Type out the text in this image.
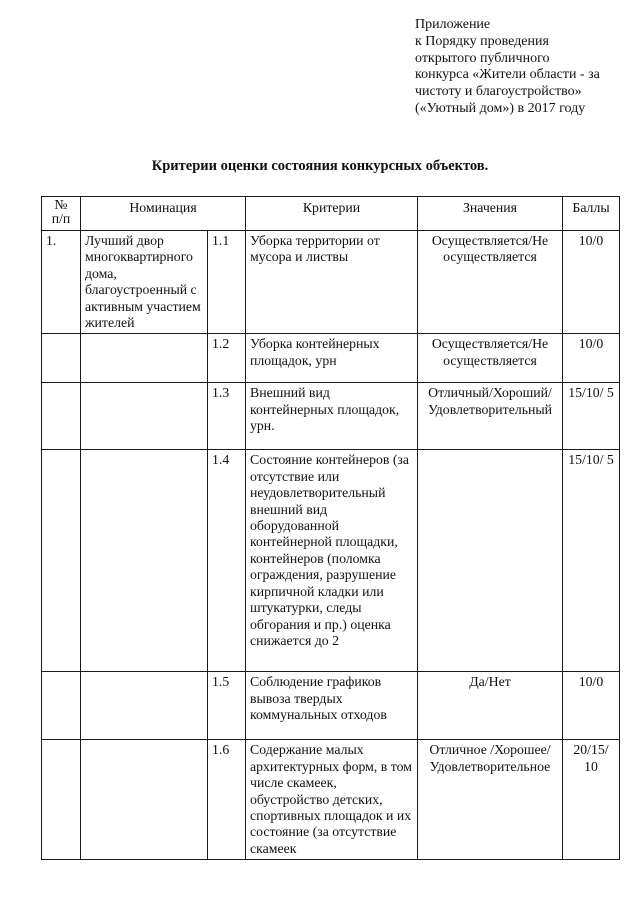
Приложение
к Порядку проведения
открытого публичного
конкурса «Жители области - за
чистоту и благоустройство»
(«Уютный дом») в 2017 году
Критерии оценки состояния конкурсных объектов.
№
п/п	Номинация		Критерии	Значения	Баллы
1.	Лучший двор многоквартирного дома, благоустроенный с активным участием жителей	1.1	Уборка территории от мусора и листвы	Осуществляется/Не осуществляется	10/0
		1.2	Уборка контейнерных площадок, урн	Осуществляется/Не осуществляется	10/0
		1.3	Внешний вид контейнерных площадок, урн.	Отличный/Хороший/ Удовлетворительный	15/10/ 5
		1.4	Состояние контейнеров (за отсутствие или неудовлетворительный внешний вид оборудованной контейнерной площадки, контейнеров (поломка ограждения, разрушение кирпичной кладки или штукатурки, следы обгорания и пр.) оценка снижается до 2		15/10/ 5
		1.5	Соблюдение графиков вывоза твердых коммунальных отходов	Да/Нет	10/0
		1.6	Содержание малых архитектурных форм, в том числе скамеек, обустройство детских, спортивных площадок и их состояние (за отсутствие скамеек	Отличное /Хорошее/ Удовлетворительное	20/15/ 10
